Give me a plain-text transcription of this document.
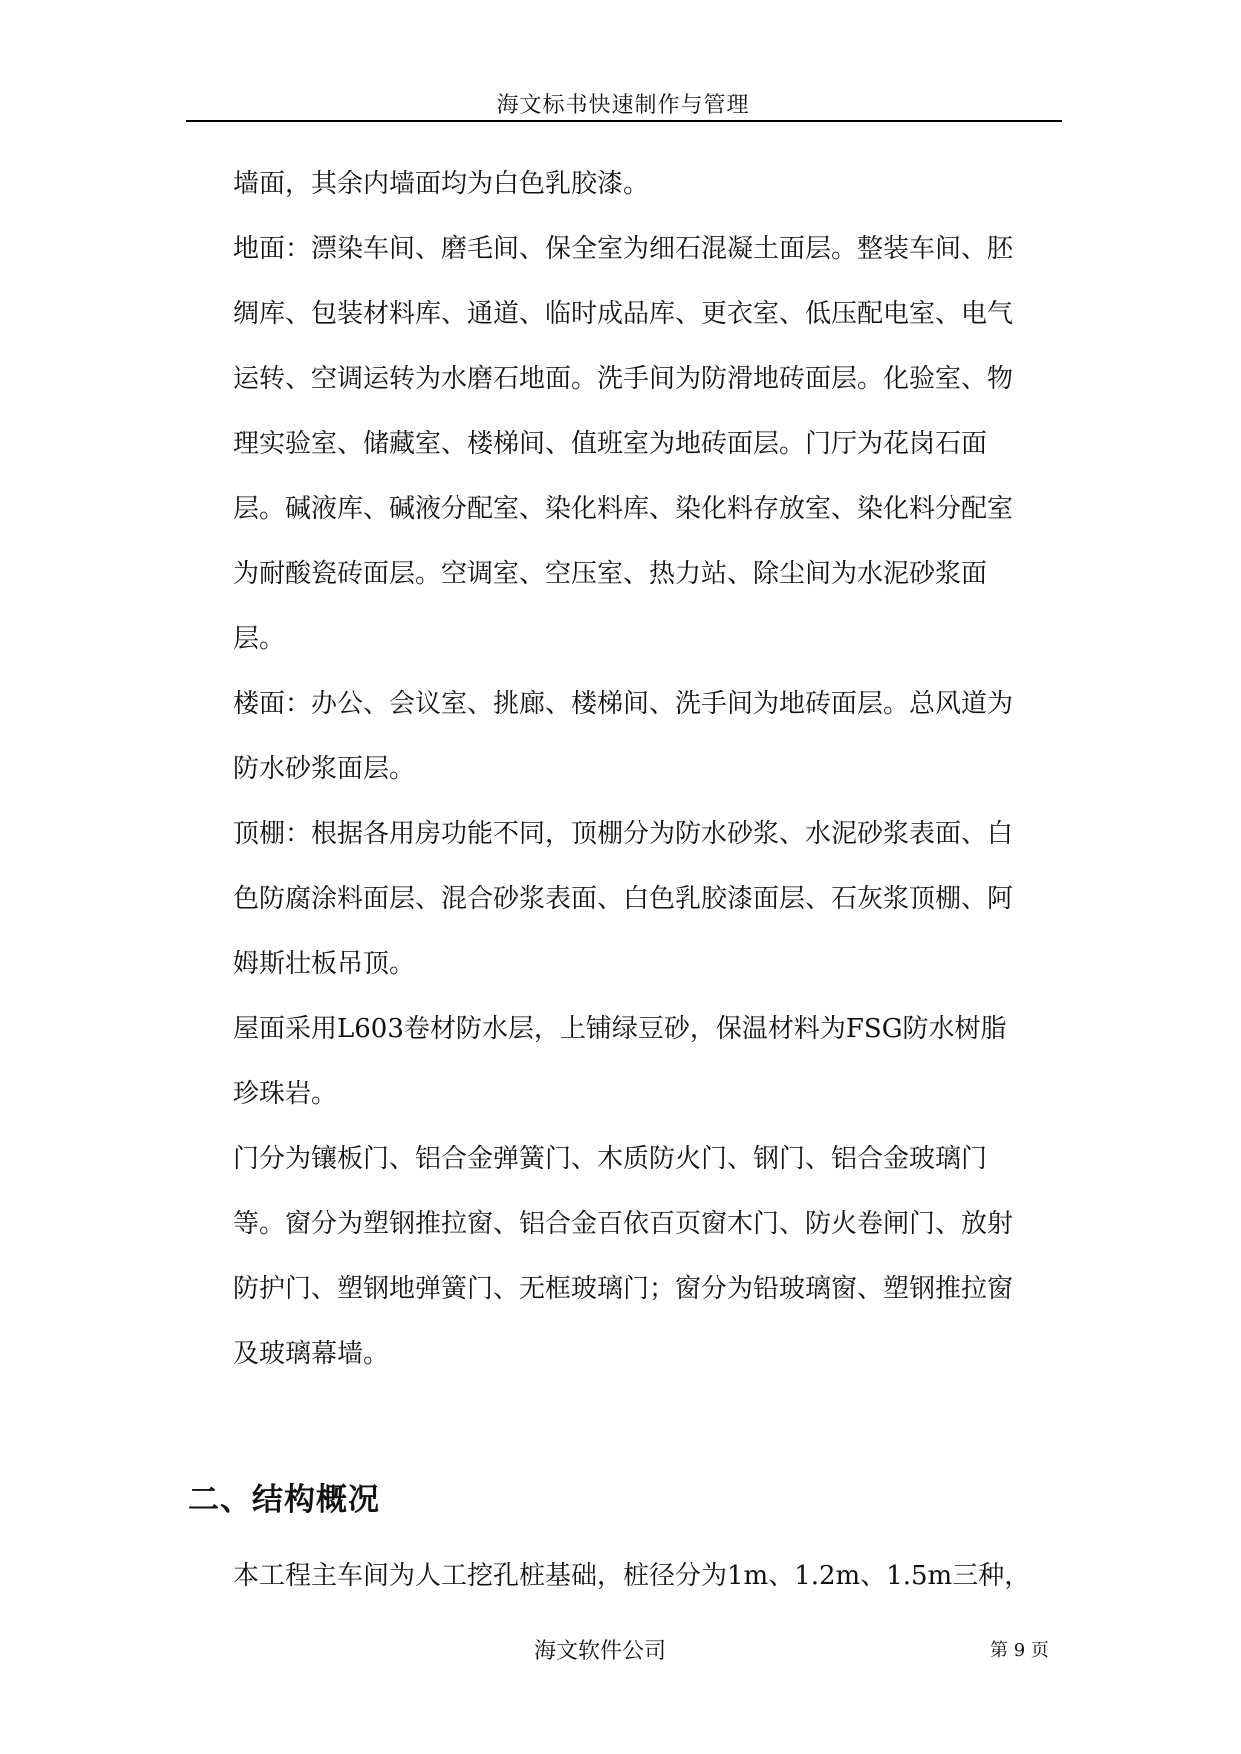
海文标书快速制作与管理

墙面，其余内墙面均为白色乳胶漆。

地面：漂染车间、磨毛间、保全室为细石混凝土面层。整装车间、胚绸库、包装材料库、通道、临时成品库、更衣室、低压配电室、电气运转、空调运转为水磨石地面。洗手间为防滑地砖面层。化验室、物理实验室、储藏室、楼梯间、值班室为地砖面层。门厅为花岗石面层。碱液库、碱液分配室、染化料库、染化料存放室、染化料分配室为耐酸瓷砖面层。空调室、空压室、热力站、除尘间为水泥砂浆面层。

楼面：办公、会议室、挑廊、楼梯间、洗手间为地砖面层。总风道为防水砂浆面层。

顶棚：根据各用房功能不同，顶棚分为防水砂浆、水泥砂浆表面、白色防腐涂料面层、混合砂浆表面、白色乳胶漆面层、石灰浆顶棚、阿姆斯壮板吊顶。

屋面采用L603卷材防水层，上铺绿豆砂，保温材料为FSG防水树脂珍珠岩。

门分为镶板门、铝合金弹簧门、木质防火门、钢门、铝合金玻璃门等。窗分为塑钢推拉窗、铝合金百依百页窗木门、防火卷闸门、放射防护门、塑钢地弹簧门、无框玻璃门；窗分为铅玻璃窗、塑钢推拉窗及玻璃幕墙。

二、结构概况

本工程主车间为人工挖孔桩基础，桩径分为1m、1.2m、1.5m三种，

海文软件公司	第 9 页
